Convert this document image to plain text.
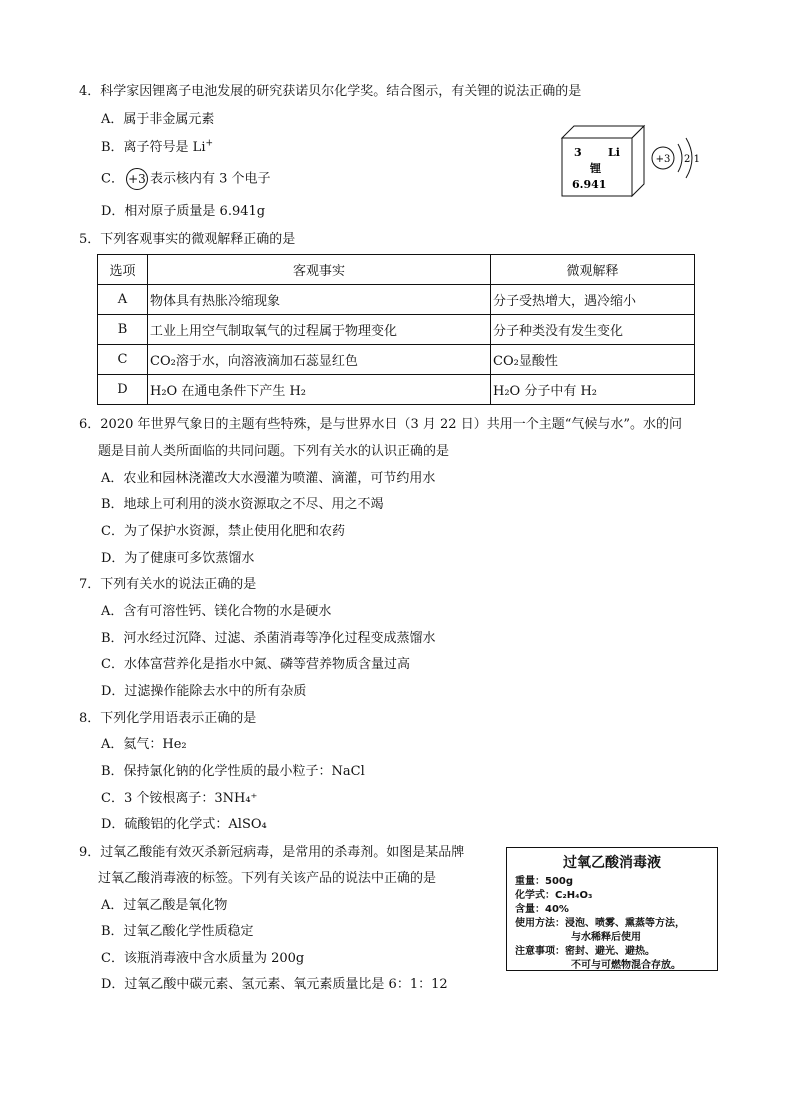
4．科学家因锂离子电池发展的研究获诺贝尔化学奖。结合图示，有关锂的说法正确的是
A．属于非金属元素
B．离子符号是 Li+
C． +3 表示核内有 3 个电子
D．相对原子质量是 6.941g
3 Li
锂
6.941
+3 2 1
5．下列客观事实的微观解释正确的是
选项	客观事实	微观解释
A	物体具有热胀冷缩现象	分子受热增大，遇冷缩小
B	工业上用空气制取氧气的过程属于物理变化	分子种类没有发生变化
C	CO₂溶于水，向溶液滴加石蕊显红色	CO₂显酸性
D	H₂O 在通电条件下产生 H₂	H₂O 分子中有 H₂
6．2020 年世界气象日的主题有些特殊，是与世界水日（3 月 22 日）共用一个主题“气候与水”。水的问
题是目前人类所面临的共同问题。下列有关水的认识正确的是
A．农业和园林浇灌改大水漫灌为喷灌、滴灌，可节约用水
B．地球上可利用的淡水资源取之不尽、用之不竭
C．为了保护水资源，禁止使用化肥和农药
D．为了健康可多饮蒸馏水
7．下列有关水的说法正确的是
A．含有可溶性钙、镁化合物的水是硬水
B．河水经过沉降、过滤、杀菌消毒等净化过程变成蒸馏水
C．水体富营养化是指水中氮、磷等营养物质含量过高
D．过滤操作能除去水中的所有杂质
8．下列化学用语表示正确的是
A．氦气：He₂
B．保持氯化钠的化学性质的最小粒子：NaCl
C．3 个铵根离子：3NH₄⁺
D．硫酸铝的化学式：AlSO₄
9．过氧乙酸能有效灭杀新冠病毒，是常用的杀毒剂。如图是某品牌
过氧乙酸消毒液的标签。下列有关该产品的说法中正确的是
A．过氧乙酸是氧化物
B．过氧乙酸化学性质稳定
C．该瓶消毒液中含水质量为 200g
D．过氧乙酸中碳元素、氢元素、氧元素质量比是 6：1：12
过氧乙酸消毒液
重量：500g
化学式：C₂H₄O₃
含量：40%
使用方法：浸泡、喷雾、熏蒸等方法，
与水稀释后使用
注意事项：密封、避光、避热。
不可与可燃物混合存放。
